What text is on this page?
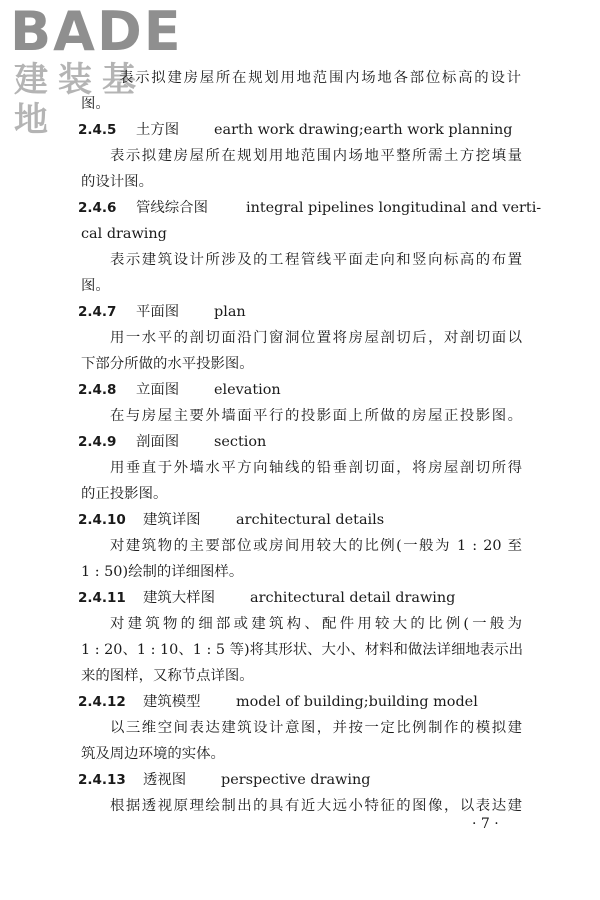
BADE
建装基地
表示拟建房屋所在规划用地范围内场地各部位标高的设计
图。
2.4.5 土方图 earth work drawing;earth work planning
表示拟建房屋所在规划用地范围内场地平整所需土方挖填量
的设计图。
2.4.6 管线综合图	integral pipelines longitudinal and verti-
cal drawing
表示建筑设计所涉及的工程管线平面走向和竖向标高的布置
图。
2.4.7 平面图 plan
用一水平的剖切面沿门窗洞位置将房屋剖切后，对剖切面以
下部分所做的水平投影图。
2.4.8 立面图 elevation
在与房屋主要外墙面平行的投影面上所做的房屋正投影图。
2.4.9 剖面图 section
用垂直于外墙水平方向轴线的铅垂剖切面，将房屋剖切所得
的正投影图。
2.4.10 建筑详图 architectural details
对建筑物的主要部位或房间用较大的比例(一般为 1 : 20 至
1 : 50)绘制的详细图样。
2.4.11 建筑大样图 architectural detail drawing
对建筑物的细部或建筑构、配件用较大的比例(一般为
1 : 20、1 : 10、1 : 5 等)将其形状、大小、材料和做法详细地表示出
来的图样，又称节点详图。
2.4.12 建筑模型 model of building;building model
以三维空间表达建筑设计意图，并按一定比例制作的模拟建
筑及周边环境的实体。
2.4.13 透视图 perspective drawing
根据透视原理绘制出的具有近大远小特征的图像，以表达建
· 7 ·
